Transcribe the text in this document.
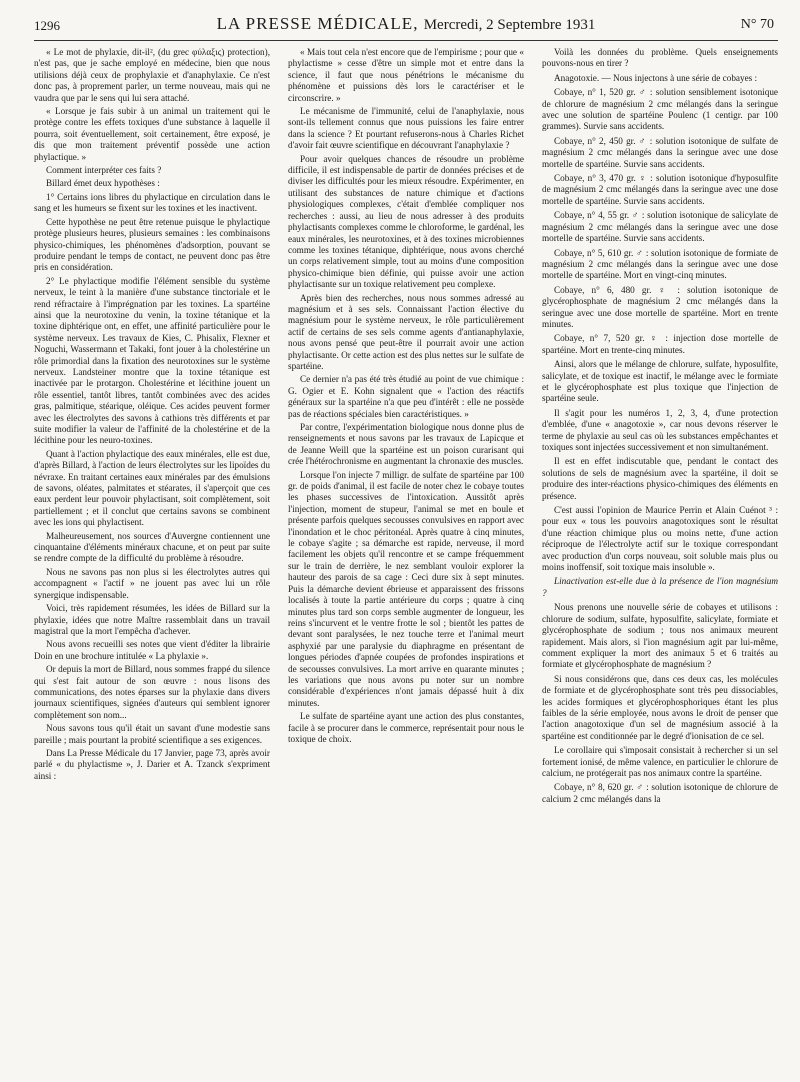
1296	LA PRESSE MÉDICALE, Mercredi, 2 Septembre 1931	N° 70

« Le mot de phylaxie, dit-il², (du grec φύλαξις) protection), n'est pas, que je sache employé en médecine, bien que nous utilisions déjà ceux de prophylaxie et d'anaphylaxie. Ce n'est donc pas, à proprement parler, un terme nouveau, mais qui ne vaudra que par le sens qui lui sera attaché.

« Lorsque je fais subir à un animal un traitement qui le protège contre les effets toxiques d'une substance à laquelle il pourra, soit éventuellement, soit certainement, être exposé, je dis que mon traitement préventif possède une action phylactique. »

Comment interpréter ces faits ?

Billard émet deux hypothèses :

1° Certains ions libres du phylactique en circulation dans le sang et les humeurs se fixent sur les toxines et les inactivent.

Cette hypothèse ne peut être retenue puisque le phylactique protège plusieurs heures, plusieurs semaines : les combinaisons physico-chimiques, les phénomènes d'adsorption, pouvant se produire pendant le temps de contact, ne peuvent donc pas être pris en considération.

2° Le phylactique modifie l'élément sensible du système nerveux, le teint à la manière d'une substance tinctoriale et le rend réfractaire à l'imprégnation par les toxines. La spartéine ainsi que la neurotoxine du venin, la toxine tétanique et la toxine diphtérique ont, en effet, une affinité particulière pour le système nerveux. Les travaux de Kies, C. Phisalix, Flexner et Noguchi, Wassermann et Takaki, font jouer à la cholestérine un rôle primordial dans la fixation des neurotoxines sur le système nerveux. Landsteiner montre que la toxine tétanique est inactivée par le protargon. Cholestérine et lécithine jouent un rôle essentiel, tantôt libres, tantôt combinées avec des acides gras, palmitique, stéarique, oléique. Ces acides peuvent former avec les électrolytes des savons à cathions très différents et par suite modifier la valeur de l'affinité de la cholestérine et de la lécithine pour les neuro-toxines.

Quant à l'action phylactique des eaux minérales, elle est due, d'après Billard, à l'action de leurs électrolytes sur les lipoïdes du névraxe. En traitant certaines eaux minérales par des émulsions de savons, oléates, palmitates et stéarates, il s'aperçoit que ces eaux perdent leur pouvoir phylactisant, soit complètement, soit partiellement ; et il conclut que certains savons se combinent avec les ions qui phylactisent.

Malheureusement, nos sources d'Auvergne contiennent une cinquantaine d'éléments minéraux chacune, et on peut par suite se rendre compte de la difficulté du problème à résoudre.

Nous ne savons pas non plus si les électrolytes autres qui accompagnent « l'actif » ne jouent pas avec lui un rôle synergique indispensable.

Voici, très rapidement résumées, les idées de Billard sur la phylaxie, idées que notre Maître rassemblait dans un travail magistral que la mort l'empêcha d'achever.

Nous avons recueilli ses notes que vient d'éditer la librairie Doin en une brochure intitulée « La phylaxie ».

Or depuis la mort de Billard, nous sommes frappé du silence qui s'est fait autour de son œuvre : nous lisons des communications, des notes éparses sur la phylaxie dans divers journaux scientifiques, signées d'auteurs qui semblent ignorer complètement son nom...

Nous savons tous qu'il était un savant d'une modestie sans pareille ; mais pourtant la probité scientifique a ses exigences.

Dans La Presse Médicale du 17 Janvier, page 73, après avoir parlé « du phylactisme », J. Darier et A. Tzanck s'expriment ainsi :

« Mais tout cela n'est encore que de l'empirisme ; pour que « phylactisme » cesse d'être un simple mot et entre dans la science, il faut que nous pénétrions le mécanisme du phénomène et puissions dès lors le caractériser et le circonscrire. »

Le mécanisme de l'immunité, celui de l'anaphylaxie, nous sont-ils tellement connus que nous puissions les faire entrer dans la science ? Et pourtant refuserons-nous à Charles Richet d'avoir fait œuvre scientifique en découvrant l'anaphylaxie ?

Pour avoir quelques chances de résoudre un problème difficile, il est indispensable de partir de données précises et de diviser les difficultés pour les mieux résoudre. Expérimenter, en utilisant des substances de nature chimique et d'actions physiologiques complexes, c'était d'emblée compliquer nos recherches : aussi, au lieu de nous adresser à des produits phylactisants complexes comme le chloroforme, le gardénal, les eaux minérales, les neurotoxines, et à des toxines microbiennes comme les toxines tétanique, diphtérique, nous avons cherché un corps relativement simple, tout au moins d'une composition physico-chimique bien définie, qui puisse avoir une action phylactisante sur un toxique relativement peu complexe.

Après bien des recherches, nous nous sommes adressé au magnésium et à ses sels. Connaissant l'action élective du magnésium pour le système nerveux, le rôle particulièrement actif de certains de ses sels comme agents d'antianaphylaxie, nous avons pensé que peut-être il pourrait avoir une action phylactisante. Or cette action est des plus nettes sur le sulfate de spartéine.

Ce dernier n'a pas été très étudié au point de vue chimique : G. Ogier et E. Kohn signalent que « l'action des réactifs généraux sur la spartéine n'a que peu d'intérêt : elle ne possède pas de réactions spéciales bien caractéristiques. »

Par contre, l'expérimentation biologique nous donne plus de renseignements et nous savons par les travaux de Lapicque et de Jeanne Weill que la spartéine est un poison curarisant qui crée l'hétérochronisme en augmentant la chronaxie des muscles.

Lorsque l'on injecte 7 milligr. de sulfate de spartéine par 100 gr. de poids d'animal, il est facile de noter chez le cobaye toutes les phases successives de l'intoxication. Aussitôt après l'injection, moment de stupeur, l'animal se met en boule et présente parfois quelques secousses convulsives en rapport avec l'inondation et le choc péritonéal. Après quatre à cinq minutes, le cobaye s'agite ; sa démarche est rapide, nerveuse, il mord facilement les objets qu'il rencontre et se campe fréquemment sur le train de derrière, le nez semblant vouloir explorer la hauteur des parois de sa cage : Ceci dure six à sept minutes. Puis la démarche devient ébrieuse et apparaissent des frissons localisés à toute la partie antérieure du corps ; quatre à cinq minutes plus tard son corps semble augmenter de longueur, les reins s'incurvent et le ventre frotte le sol ; bientôt les pattes de devant sont paralysées, le nez touche terre et l'animal meurt asphyxié par une paralysie du diaphragme en présentant de longues périodes d'apnée coupées de profondes inspirations et de secousses convulsives. La mort arrive en quarante minutes ; les variations que nous avons pu noter sur un nombre considérable d'expériences n'ont jamais dépassé huit à dix minutes.

Le sulfate de spartéine ayant une action des plus constantes, facile à se procurer dans le commerce, représentait pour nous le toxique de choix.

Voilà les données du problème. Quels enseignements pouvons-nous en tirer ?

Anagotoxie. — Nous injectons à une série de cobayes :

Cobaye, n° 1, 520 gr. ♂ : solution sensiblement isotonique de chlorure de magnésium 2 cmc mélangés dans la seringue avec une solution de spartéine Poulenc (1 centigr. par 100 grammes). Survie sans accidents.

Cobaye, n° 2, 450 gr. ♂ : solution isotonique de sulfate de magnésium 2 cmc mélangés dans la seringue avec une dose mortelle de spartéine. Survie sans accidents.

Cobaye, n° 3, 470 gr. ♀ : solution isotonique d'hyposulfite de magnésium 2 cmc mélangés dans la seringue avec une dose mortelle de spartéine. Survie sans accidents.

Cobaye, n° 4, 55 gr. ♂ : solution isotonique de salicylate de magnésium 2 cmc mélangés dans la seringue avec une dose mortelle de spartéine. Survie sans accidents.

Cobaye, n° 5, 610 gr. ♂ : solution isotonique de formiate de magnésium 2 cmc mélangés dans la seringue avec une dose mortelle de spartéine. Mort en vingt-cinq minutes.

Cobaye, n° 6, 480 gr. ♀ : solution isotonique de glycérophosphate de magnésium 2 cmc mélangés dans la seringue avec une dose mortelle de spartéine. Mort en trente minutes.

Cobaye, n° 7, 520 gr. ♀ : injection dose mortelle de spartéine. Mort en trente-cinq minutes.

Ainsi, alors que le mélange de chlorure, sulfate, hyposulfite, salicylate, et de toxique est inactif, le mélange avec le formiate et le glycérophosphate est plus toxique que l'injection de spartéine seule.

Il s'agit pour les numéros 1, 2, 3, 4, d'une protection d'emblée, d'une « anagotoxie », car nous devons réserver le terme de phylaxie au seul cas où les substances empêchantes et toxiques sont injectées successivement et non simultanément.

Il est en effet indiscutable que, pendant le contact des solutions de sels de magnésium avec la spartéine, il doit se produire des inter-réactions physico-chimiques des éléments en présence.

C'est aussi l'opinion de Maurice Perrin et Alain Cuénot ³ : pour eux « tous les pouvoirs anagotoxiques sont le résultat d'une réaction chimique plus ou moins nette, d'une action réciproque de l'électrolyte actif sur le toxique correspondant avec production d'un corps nouveau, soit soluble mais plus ou moins inoffensif, soit toxique mais insoluble ».

Linactivation est-elle due à la présence de l'ion magnésium ?

Nous prenons une nouvelle série de cobayes et utilisons : chlorure de sodium, sulfate, hyposulfite, salicylate, formiate et glycérophosphate de sodium ; tous nos animaux meurent rapidement. Mais alors, si l'ion magnésium agit par lui-même, comment expliquer la mort des animaux 5 et 6 traités au formiate et glycérophosphate de magnésium ?

Si nous considérons que, dans ces deux cas, les molécules de formiate et de glycérophosphate sont très peu dissociables, les acides formiques et glycérophosphoriques étant les plus faibles de la série employée, nous avons le droit de penser que l'action anagotoxique d'un sel de magnésium associé à la spartéine est conditionnée par le degré d'ionisation de ce sel.

Le corollaire qui s'imposait consistait à rechercher si un sel fortement ionisé, de même valence, en particulier le chlorure de calcium, ne protégerait pas nos animaux contre la spartéine.

Cobaye, n° 8, 620 gr. ♂ : solution isotonique de chlorure de calcium 2 cmc mélangés dans la
